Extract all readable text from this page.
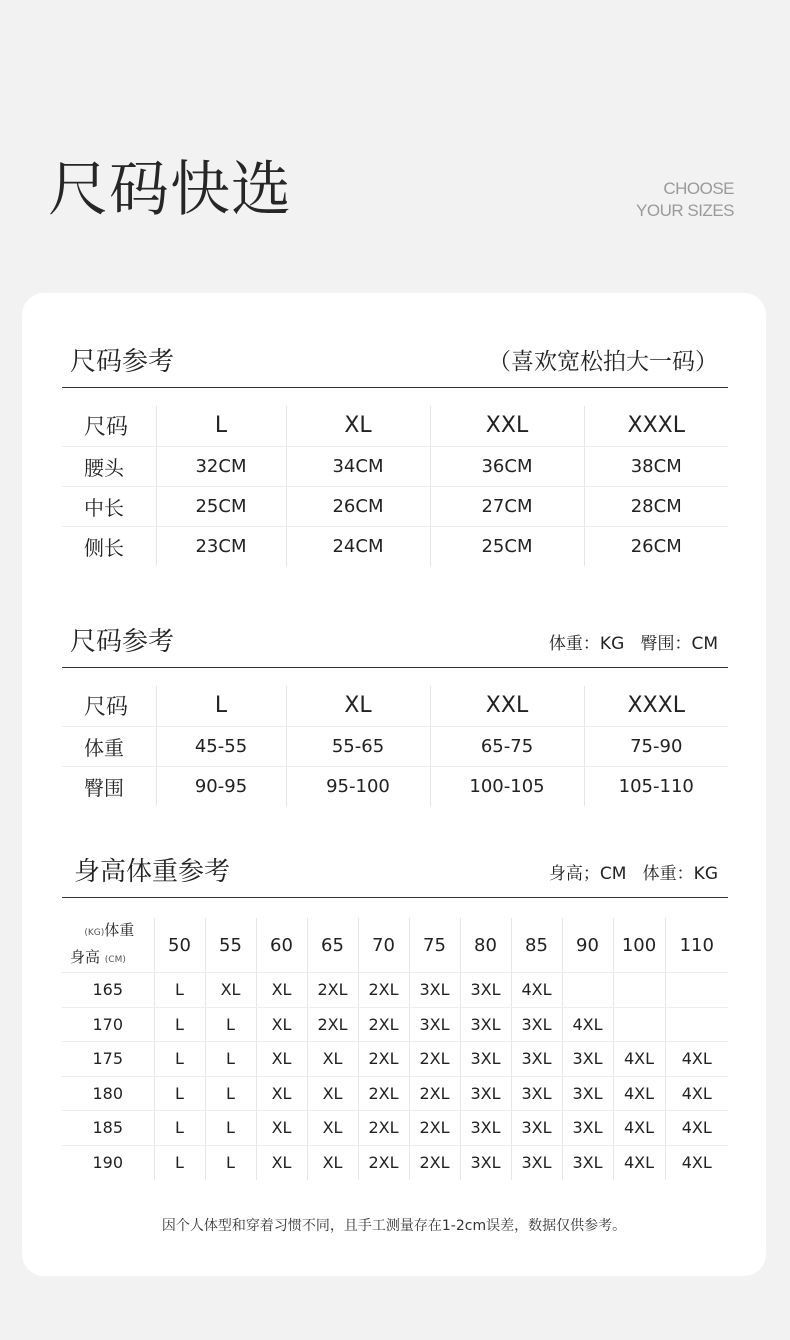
尺码快选	CHOOSE
YOUR SIZES
尺码参考	（喜欢宽松拍大一码）
尺码	L	XL	XXL	XXXL
腰头	32CM	34CM	36CM	38CM
中长	25CM	26CM	27CM	28CM
侧长	23CM	24CM	25CM	26CM
尺码参考	体重：KG   臀围：CM
尺码	L	XL	XXL	XXXL
体重	45-55	55-65	65-75	75-90
臀围	90-95	95-100	100-105	105-110
身高体重参考	身高；CM   体重：KG
(KG)体重
身高 (CM)	50	55	60	65	70	75	80	85	90	100	110
165	L	XL	XL	2XL	2XL	3XL	3XL	4XL			
170	L	L	XL	2XL	2XL	3XL	3XL	3XL	4XL		
175	L	L	XL	XL	2XL	2XL	3XL	3XL	3XL	4XL	4XL
180	L	L	XL	XL	2XL	2XL	3XL	3XL	3XL	4XL	4XL
185	L	L	XL	XL	2XL	2XL	3XL	3XL	3XL	4XL	4XL
190	L	L	XL	XL	2XL	2XL	3XL	3XL	3XL	4XL	4XL
因个人体型和穿着习惯不同，且手工测量存在1-2cm误差，数据仅供参考。
